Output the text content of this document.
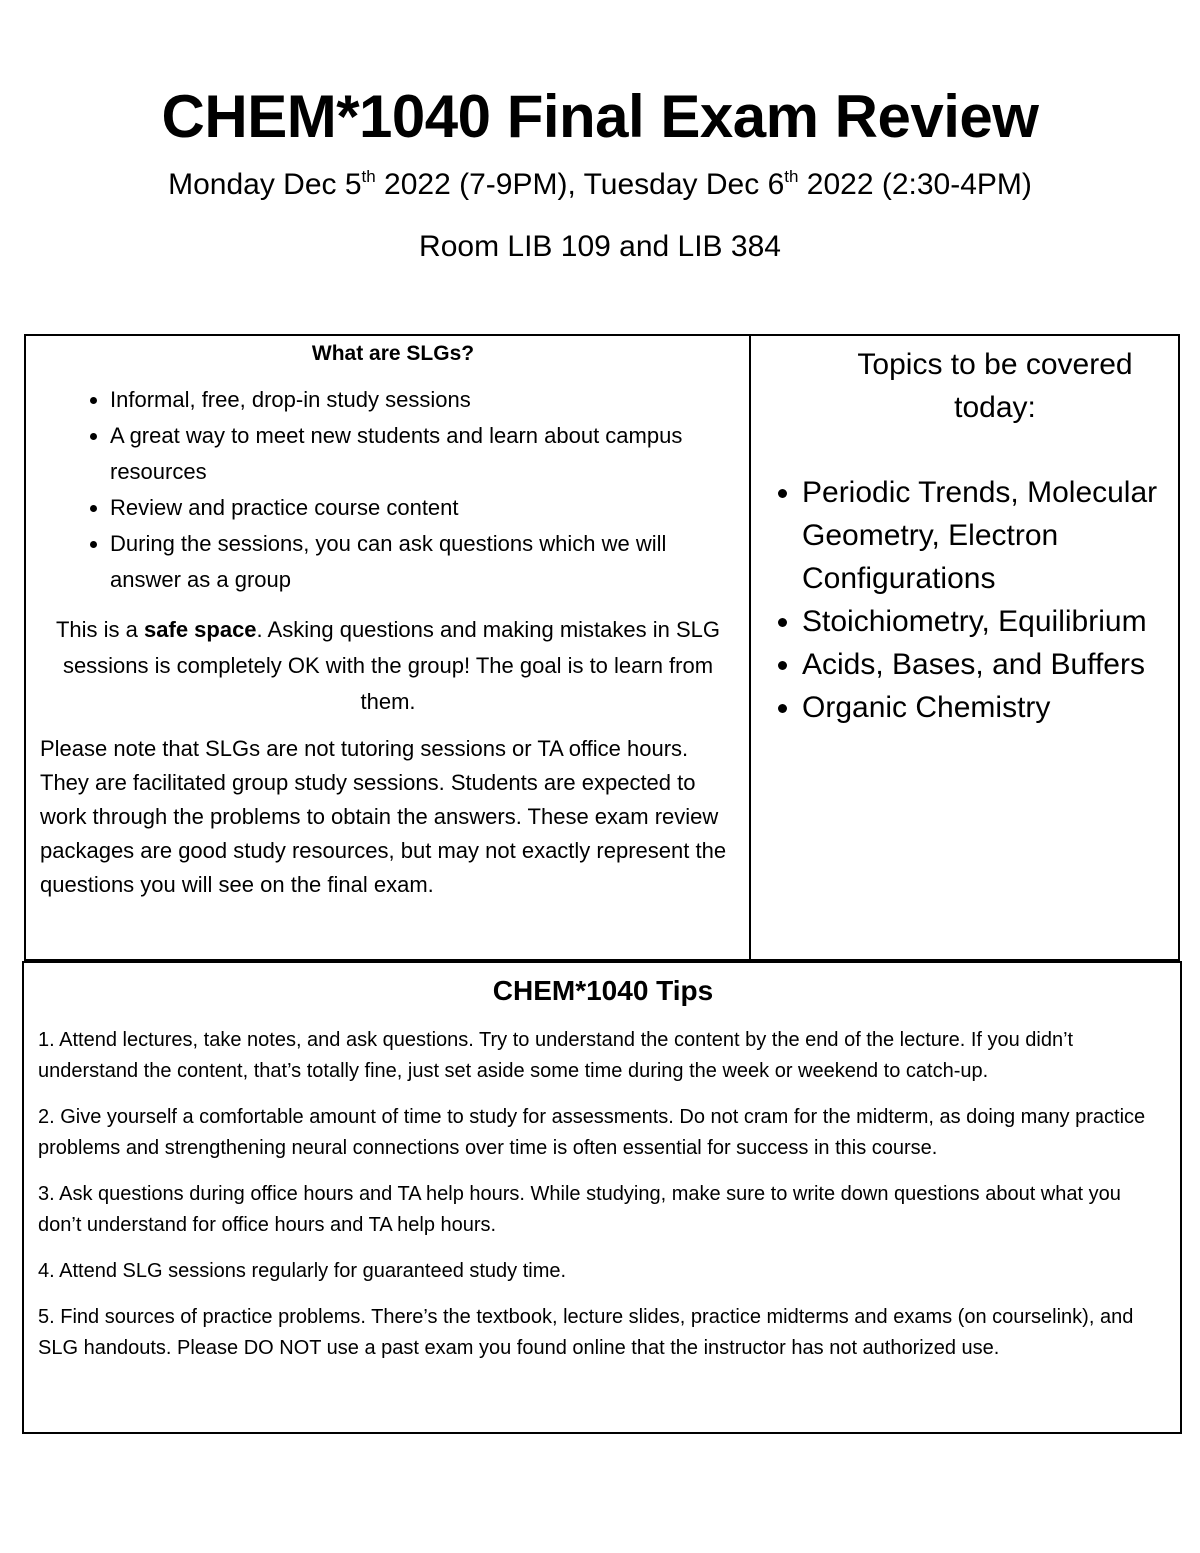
CHEM*1040 Final Exam Review

Monday Dec 5th 2022 (7-9PM), Tuesday Dec 6th 2022 (2:30-4PM)

Room LIB 109 and LIB 384

What are SLGs?
• Informal, free, drop-in study sessions
• A great way to meet new students and learn about campus resources
• Review and practice course content
• During the sessions, you can ask questions which we will answer as a group

This is a safe space. Asking questions and making mistakes in SLG sessions is completely OK with the group! The goal is to learn from them.

Please note that SLGs are not tutoring sessions or TA office hours. They are facilitated group study sessions. Students are expected to work through the problems to obtain the answers. These exam review packages are good study resources, but may not exactly represent the questions you will see on the final exam.

Topics to be covered today:
• Periodic Trends, Molecular Geometry, Electron Configurations
• Stoichiometry, Equilibrium
• Acids, Bases, and Buffers
• Organic Chemistry
CHEM*1040 Tips

1. Attend lectures, take notes, and ask questions. Try to understand the content by the end of the lecture. If you didn’t understand the content, that’s totally fine, just set aside some time during the week or weekend to catch-up.

2. Give yourself a comfortable amount of time to study for assessments. Do not cram for the midterm, as doing many practice problems and strengthening neural connections over time is often essential for success in this course.

3. Ask questions during office hours and TA help hours. While studying, make sure to write down questions about what you don’t understand for office hours and TA help hours.

4. Attend SLG sessions regularly for guaranteed study time.

5. Find sources of practice problems. There’s the textbook, lecture slides, practice midterms and exams (on courselink), and SLG handouts. Please DO NOT use a past exam you found online that the instructor has not authorized use.
